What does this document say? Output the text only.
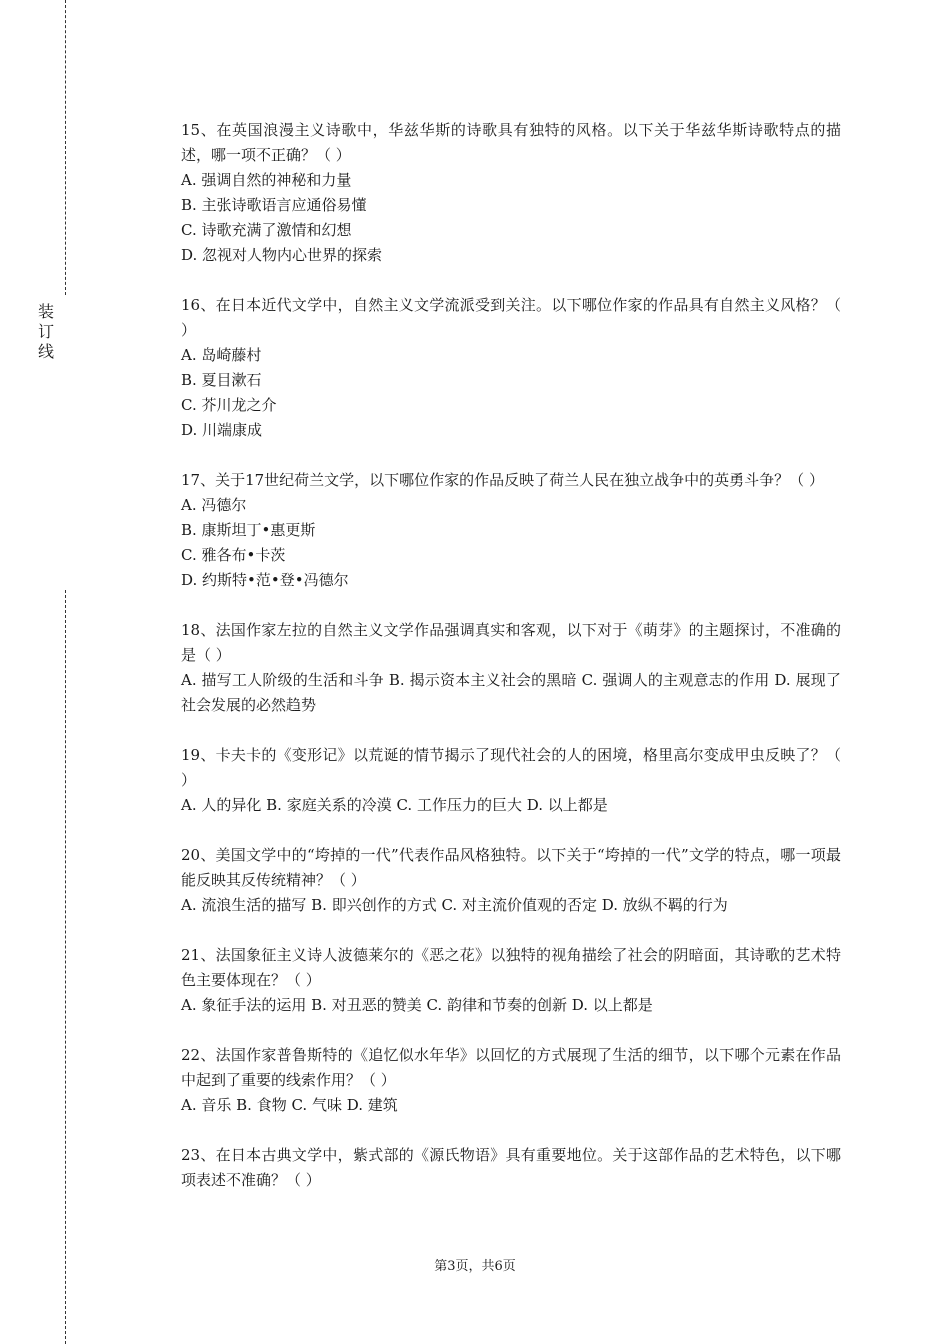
装
订
线
15、在英国浪漫主义诗歌中，华兹华斯的诗歌具有独特的风格。以下关于华兹华斯诗歌特点的描述，哪一项不正确？（ ）
A. 强调自然的神秘和力量
B. 主张诗歌语言应通俗易懂
C. 诗歌充满了激情和幻想
D. 忽视对人物内心世界的探索
16、在日本近代文学中，自然主义文学流派受到关注。以下哪位作家的作品具有自然主义风格？（ ）
A. 岛崎藤村
B. 夏目漱石
C. 芥川龙之介
D. 川端康成
17、关于17世纪荷兰文学，以下哪位作家的作品反映了荷兰人民在独立战争中的英勇斗争？（ ）
A. 冯德尔
B. 康斯坦丁•惠更斯
C. 雅各布•卡茨
D. 约斯特•范•登•冯德尔
18、法国作家左拉的自然主义文学作品强调真实和客观，以下对于《萌芽》的主题探讨，不准确的是（ ）
A. 描写工人阶级的生活和斗争 B. 揭示资本主义社会的黑暗 C. 强调人的主观意志的作用 D. 展现了社会发展的必然趋势
19、卡夫卡的《变形记》以荒诞的情节揭示了现代社会的人的困境，格里高尔变成甲虫反映了？（ ）
A. 人的异化 B. 家庭关系的冷漠 C. 工作压力的巨大 D. 以上都是
20、美国文学中的“垮掉的一代”代表作品风格独特。以下关于“垮掉的一代”文学的特点，哪一项最能反映其反传统精神？（ ）
A. 流浪生活的描写 B. 即兴创作的方式 C. 对主流价值观的否定 D. 放纵不羁的行为
21、法国象征主义诗人波德莱尔的《恶之花》以独特的视角描绘了社会的阴暗面，其诗歌的艺术特色主要体现在？（ ）
A. 象征手法的运用 B. 对丑恶的赞美 C. 韵律和节奏的创新 D. 以上都是
22、法国作家普鲁斯特的《追忆似水年华》以回忆的方式展现了生活的细节，以下哪个元素在作品中起到了重要的线索作用？（ ）
A. 音乐 B. 食物 C. 气味 D. 建筑
23、在日本古典文学中，紫式部的《源氏物语》具有重要地位。关于这部作品的艺术特色，以下哪项表述不准确？（ ）
第3页，共6页
